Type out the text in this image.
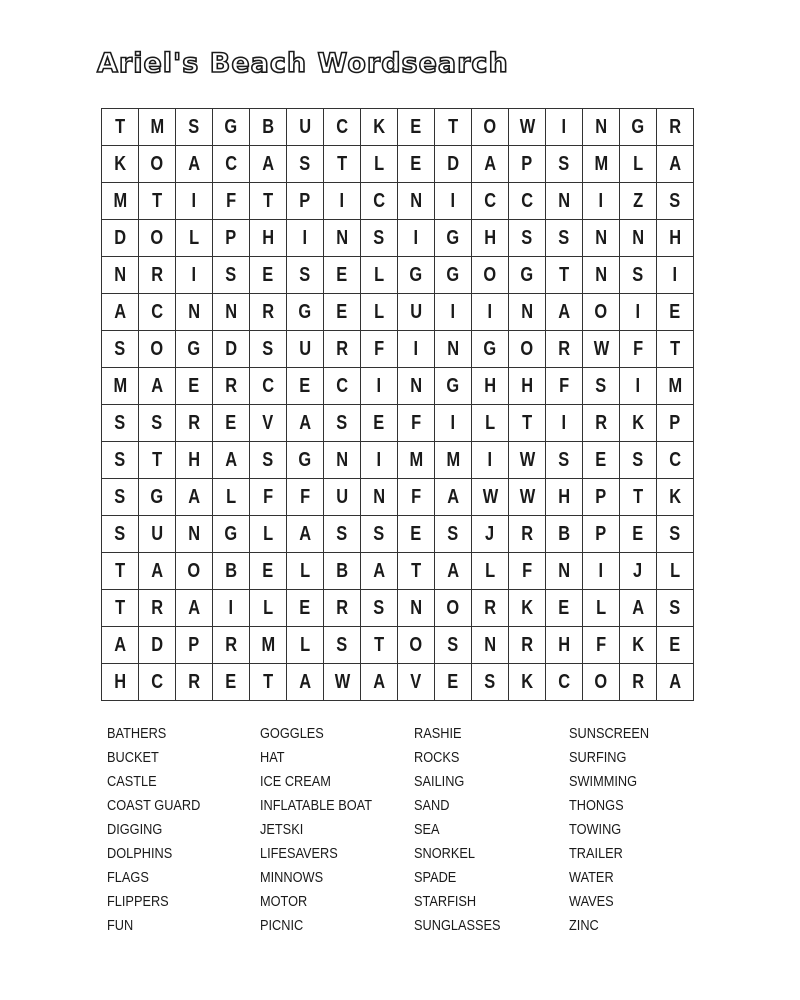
Ariel's Beach Wordsearch
T M S G B U C K E T O W I N G R
K O A C A S T L E D A P S M L A
M T I F T P I C N I C C N I Z S
D O L P H I N S I G H S S N N H
N R I S E S E L G G O G T N S I
A C N N R G E L U I I N A O I E
S O G D S U R F I N G O R W F T
M A E R C E C I N G H H F S I M
S S R E V A S E F I L T I R K P
S T H A S G N I M M I W S E S C
S G A L F F U N F A W W H P T K
S U N G L A S S E S J R B P E S
T A O B E L B A T A L F N I J L
T R A I L E R S N O R K E L A S
A D P R M L S T O S N R H F K E
H C R E T A W A V E S K C O R A
BATHERS
BUCKET
CASTLE
COAST GUARD
DIGGING
DOLPHINS
FLAGS
FLIPPERS
FUN
GOGGLES
HAT
ICE CREAM
INFLATABLE BOAT
JETSKI
LIFESAVERS
MINNOWS
MOTOR
PICNIC
RASHIE
ROCKS
SAILING
SAND
SEA
SNORKEL
SPADE
STARFISH
SUNGLASSES
SUNSCREEN
SURFING
SWIMMING
THONGS
TOWING
TRAILER
WATER
WAVES
ZINC
